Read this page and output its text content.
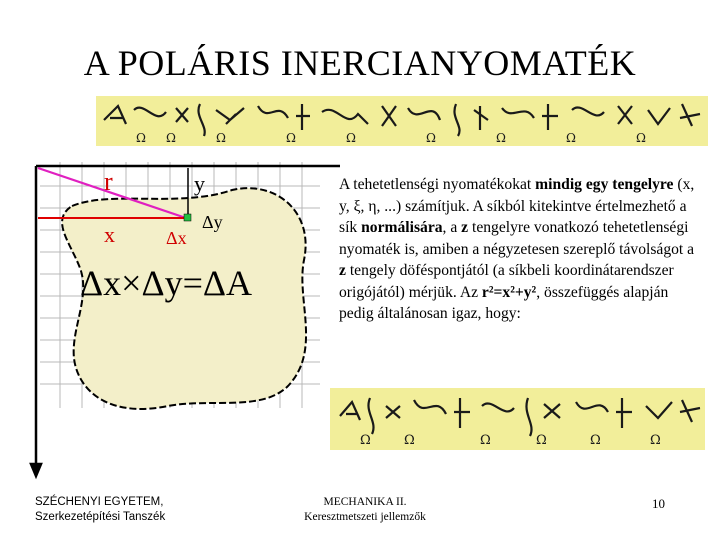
A POLÁRIS INERCIANYOMATÉK
Ω Ω	Ω	Ω	Ω	Ω	Ω	Ω	Ω
r	y
x	Δx
Δy
Δx×Δy=ΔA
A tehetetlenségi nyomatékokat mindig egy tengelyre (x, y, ξ, η, ...) számítjuk. A síkból kitekintve értelmezhető a sík normálisára, a z tengelyre vonatkozó tehetetlenségi nyomaték is, amiben a négyzetesen szereplő távolságot a z tengely döféspontjától (a síkbeli koordinátarendszer origójától) mérjük. Az r²=x²+y², összefüggés alapján pedig általánosan igaz, hogy:
Ω	Ω	Ω	Ω	Ω	Ω
SZÉCHENYI EGYETEM,
Szerkezetépítési Tanszék
MECHANIKA II.
Keresztmetszeti jellemzők
10
